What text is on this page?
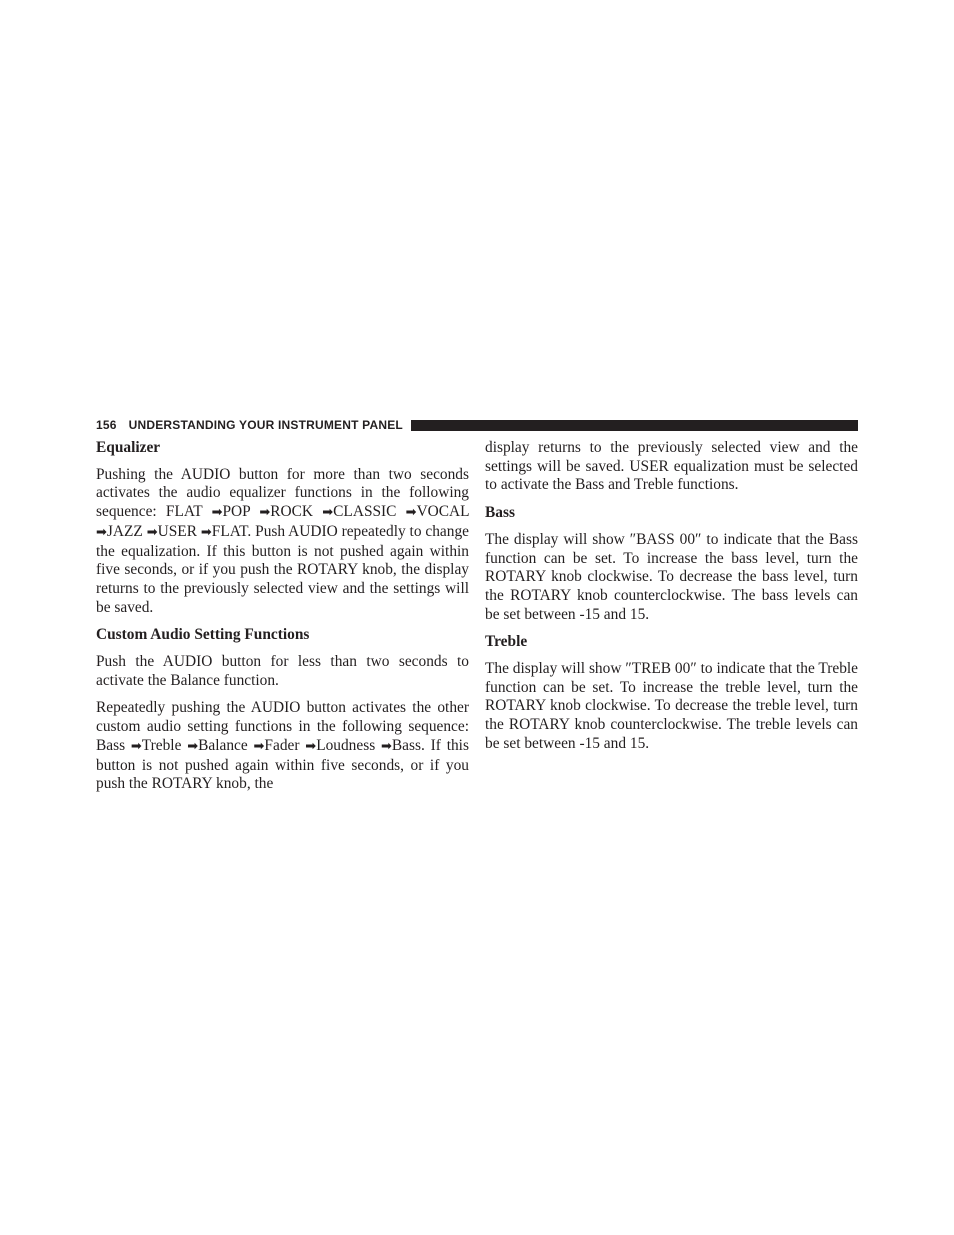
156 UNDERSTANDING YOUR INSTRUMENT PANEL
Equalizer

Pushing the AUDIO button for more than two seconds activates the audio equalizer functions in the following sequence: FLAT ➡POP ➡ROCK ➡CLASSIC ➡VOCAL ➡JAZZ ➡USER ➡FLAT. Push AUDIO repeatedly to change the equalization. If this button is not pushed again within five seconds, or if you push the ROTARY knob, the display returns to the previously selected view and the settings will be saved.

Custom Audio Setting Functions

Push the AUDIO button for less than two seconds to activate the Balance function.

Repeatedly pushing the AUDIO button activates the other custom audio setting functions in the following sequence: Bass ➡Treble ➡Balance ➡Fader ➡Loudness ➡Bass. If this button is not pushed again within five seconds, or if you push the ROTARY knob, the

display returns to the previously selected view and the settings will be saved. USER equalization must be selected to activate the Bass and Treble functions.

Bass

The display will show ″BASS 00″ to indicate that the Bass function can be set. To increase the bass level, turn the ROTARY knob clockwise. To decrease the bass level, turn the ROTARY knob counterclockwise. The bass levels can be set between -15 and 15.

Treble

The display will show ″TREB 00″ to indicate that the Treble function can be set. To increase the treble level, turn the ROTARY knob clockwise. To decrease the treble level, turn the ROTARY knob counterclockwise. The treble levels can be set between -15 and 15.
